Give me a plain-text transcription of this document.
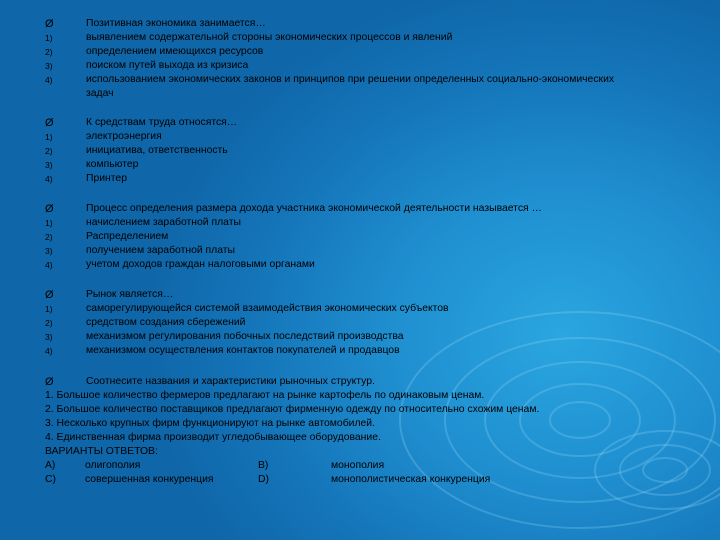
Ø	Позитивная экономика занимается…
1)	выявлением содержательной стороны экономических процессов и явлений
2)	определением имеющихся ресурсов
3)	поиском путей выхода из кризиса
4)	использованием экономических законов и принципов при решении определенных социально-экономических задач
Ø	К средствам труда относятся…
1)	электроэнергия
2)	инициатива, ответственность
3)	компьютер
4)	Принтер
Ø	Процесс определения размера дохода участника экономической деятельности называется …
1)	начислением заработной платы
2)	Распределением
3)	получением заработной платы
4)	учетом доходов граждан налоговыми органами
Ø	Рынок является…
1)	саморегулирующейся системой взаимодействия экономических субъектов
2)	средством создания сбережений
3)	механизмом регулирования побочных последствий производства
4)	механизмом осуществления контактов покупателей и продавцов
Ø	Соотнесите названия и характеристики рыночных структур.
1. Большое количество фермеров предлагают на рынке картофель по одинаковым ценам.
2. Большое количество поставщиков предлагают фирменную одежду по относительно схожим ценам.
3. Несколько крупных фирм функционируют на рынке автомобилей.
4. Единственная фирма производит угледобывающее оборудование.
ВАРИАНТЫ ОТВЕТОВ:
A)	олигополия	B)	монополия
C)	совершенная конкуренция	D)	монополистическая конкуренция
